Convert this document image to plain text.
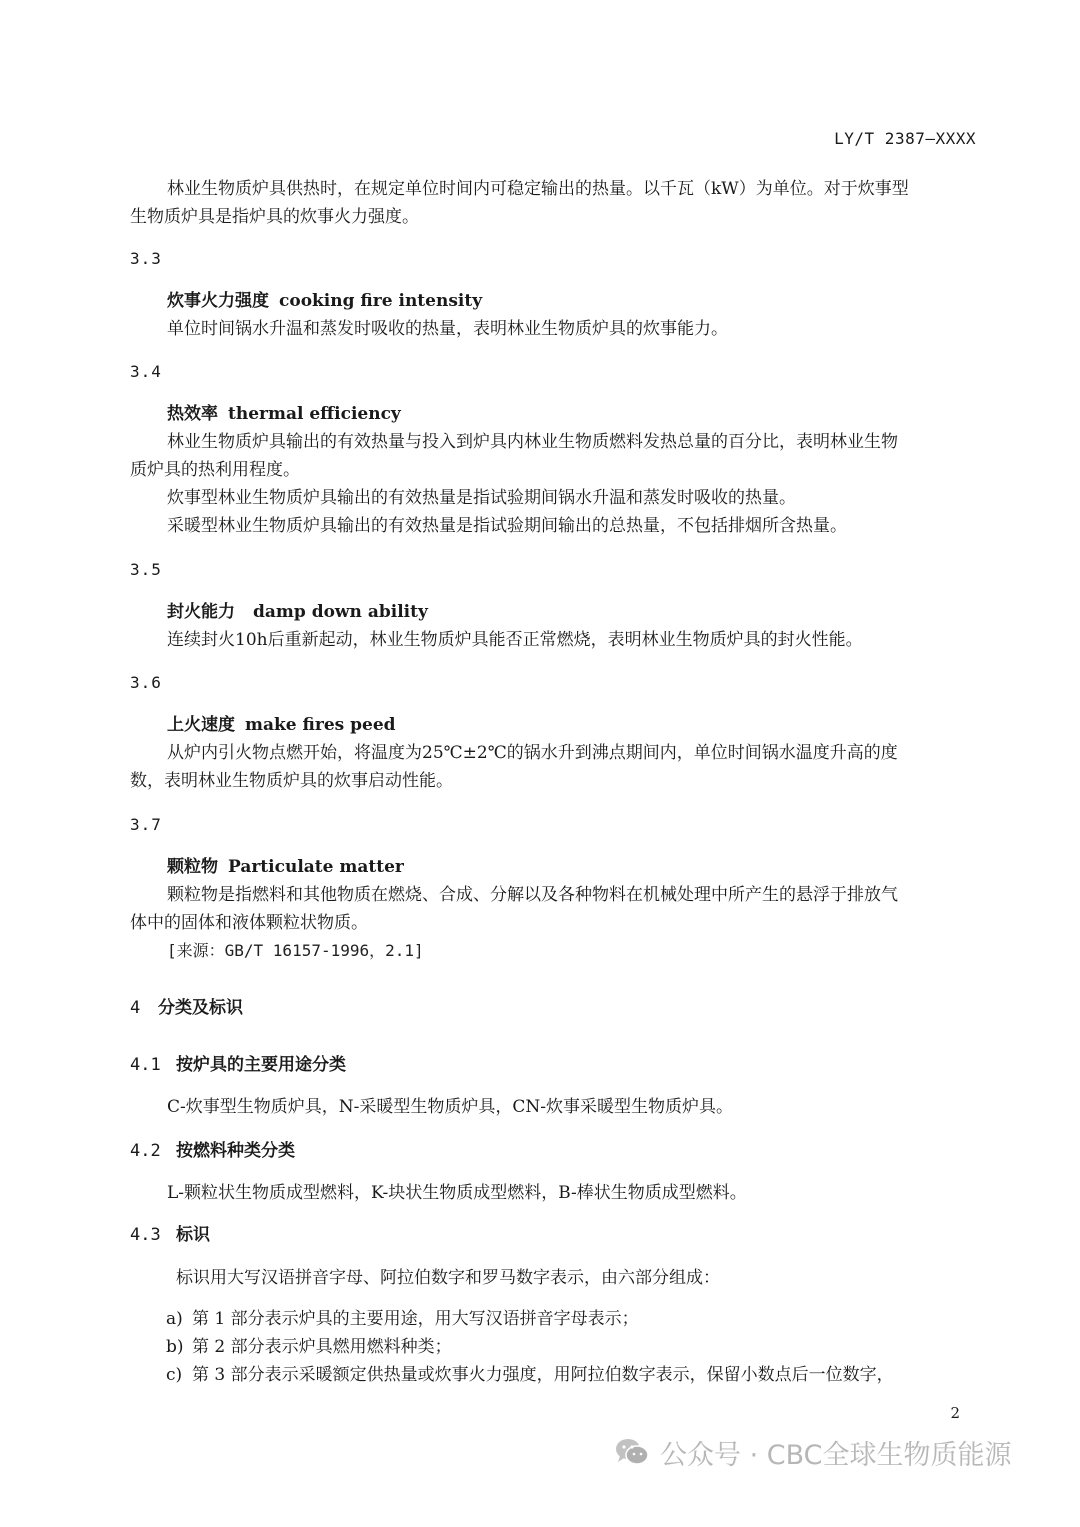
LY/T 2387—XXXX

林业生物质炉具供热时，在规定单位时间内可稳定输出的热量。以千瓦（kW）为单位。对于炊事型

生物质炉具是指炉具的炊事火力强度。

3.3

炊事火力强度 cooking fire intensity

单位时间锅水升温和蒸发时吸收的热量，表明林业生物质炉具的炊事能力。

3.4

热效率 thermal efficiency

林业生物质炉具输出的有效热量与投入到炉具内林业生物质燃料发热总量的百分比，表明林业生物

质炉具的热利用程度。

炊事型林业生物质炉具输出的有效热量是指试验期间锅水升温和蒸发时吸收的热量。

采暖型林业生物质炉具输出的有效热量是指试验期间输出的总热量，不包括排烟所含热量。

3.5

封火能力 damp down ability

连续封火10h后重新起动，林业生物质炉具能否正常燃烧，表明林业生物质炉具的封火性能。

3.6

上火速度 make fires peed

从炉内引火物点燃开始，将温度为25℃±2℃的锅水升到沸点期间内，单位时间锅水温度升高的度

数，表明林业生物质炉具的炊事启动性能。

3.7

颗粒物 Particulate matter

颗粒物是指燃料和其他物质在燃烧、合成、分解以及各种物料在机械处理中所产生的悬浮于排放气

体中的固体和液体颗粒状物质。

[来源：GB/T 16157-1996，2.1]
4 分类及标识
4.1 按炉具的主要用途分类

C-炊事型生物质炉具，N-采暖型生物质炉具，CN-炊事采暖型生物质炉具。

4.2 按燃料种类分类

L-颗粒状生物质成型燃料，K-块状生物质成型燃料，B-棒状生物质成型燃料。

4.3 标识

标识用大写汉语拼音字母、阿拉伯数字和罗马数字表示，由六部分组成：

a) 第 1 部分表示炉具的主要用途，用大写汉语拼音字母表示；
b) 第 2 部分表示炉具燃用燃料种类；
c) 第 3 部分表示采暖额定供热量或炊事火力强度，用阿拉伯数字表示，保留小数点后一位数字，
2
公众号 · CBC全球生物质能源
